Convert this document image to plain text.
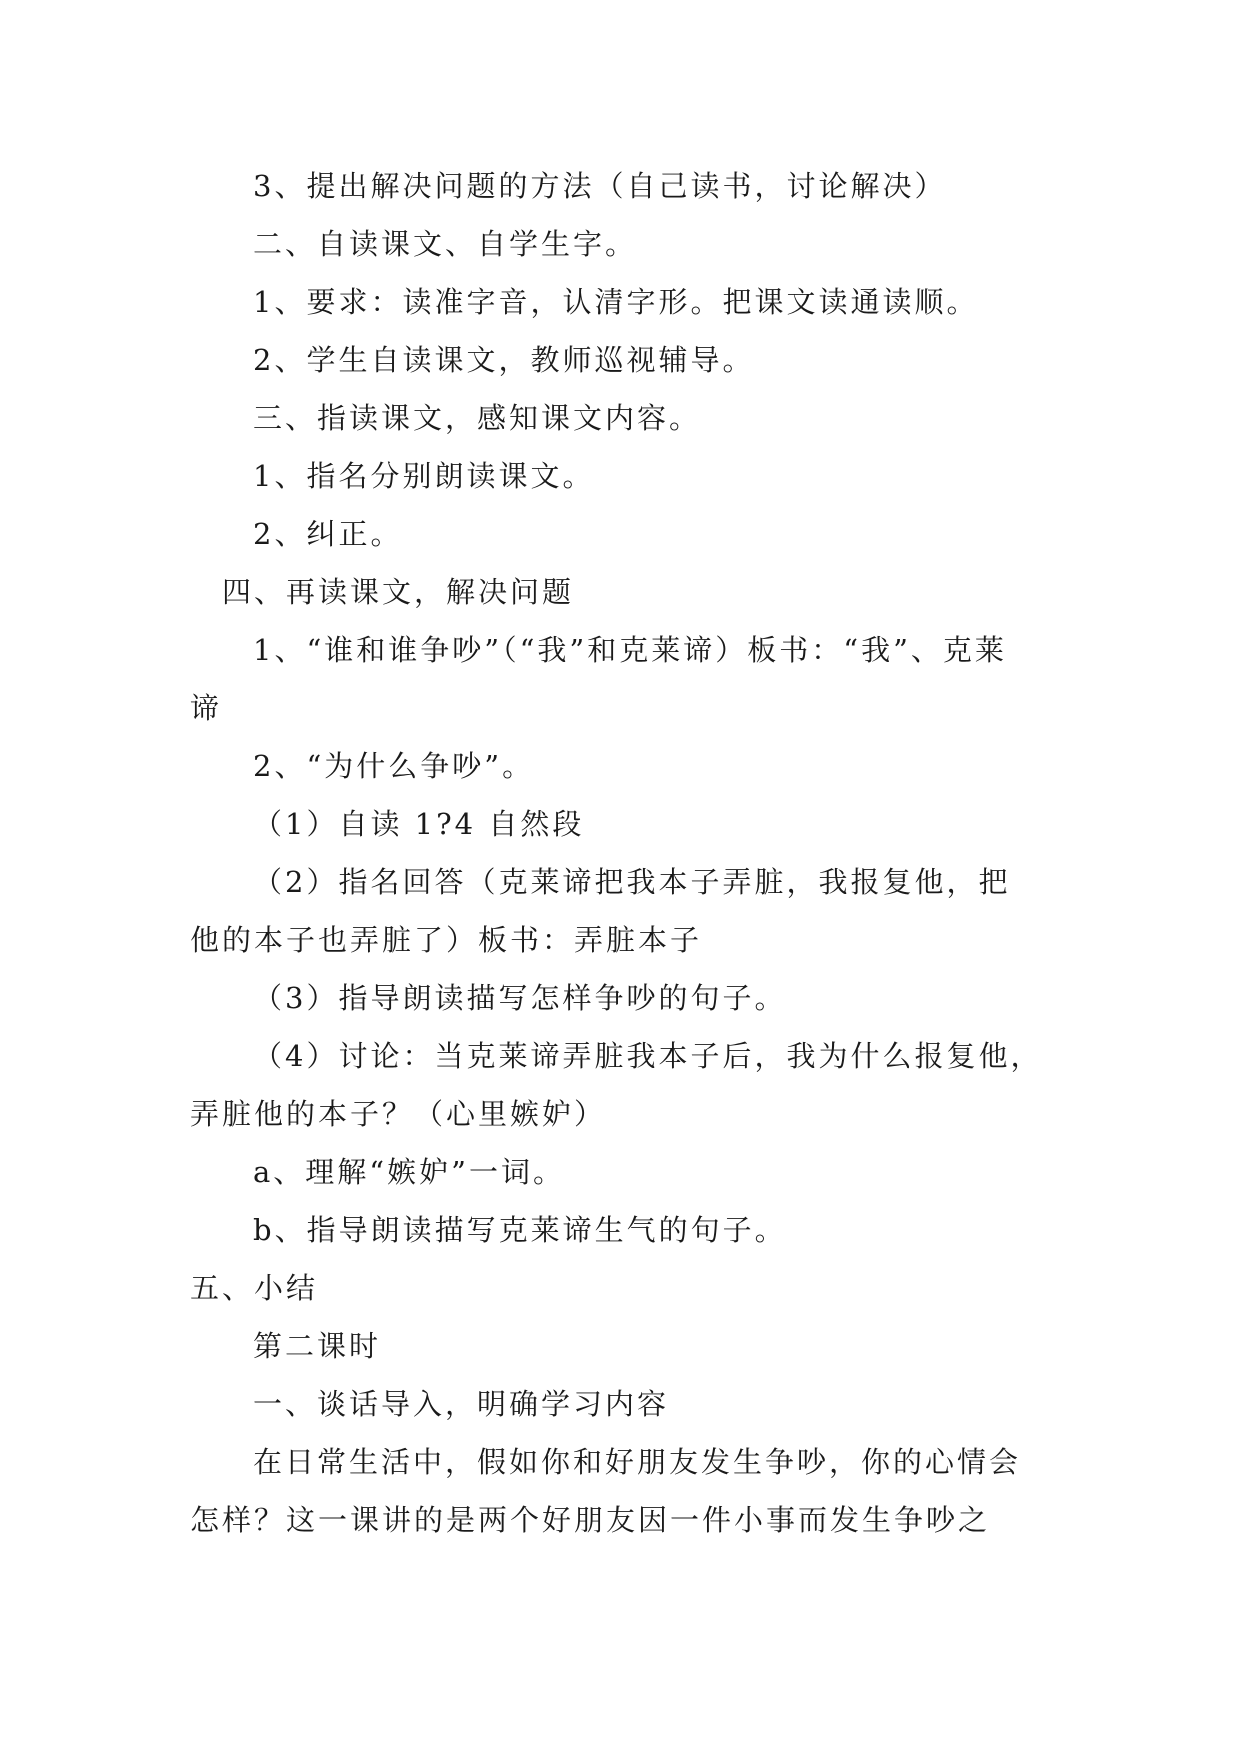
3、提出解决问题的方法（自己读书，讨论解决）
二、自读课文、自学生字。
1、要求：读准字音，认清字形。把课文读通读顺。
2、学生自读课文，教师巡视辅导。
三、指读课文，感知课文内容。
1、指名分别朗读课文。
2、纠正。
四、再读课文，解决问题
1、“谁和谁争吵”（“我”和克莱谛）板书：“我”、克莱
谛
2、“为什么争吵”。
（1）自读 1?4 自然段
（2）指名回答（克莱谛把我本子弄脏，我报复他，把
他的本子也弄脏了）板书：弄脏本子
（3）指导朗读描写怎样争吵的句子。
（4）讨论：当克莱谛弄脏我本子后，我为什么报复他，
弄脏他的本子？（心里嫉妒）
a、理解“嫉妒”一词。
b、指导朗读描写克莱谛生气的句子。
五、小结
第二课时
一、谈话导入，明确学习内容
在日常生活中，假如你和好朋友发生争吵，你的心情会
怎样？这一课讲的是两个好朋友因一件小事而发生争吵之
